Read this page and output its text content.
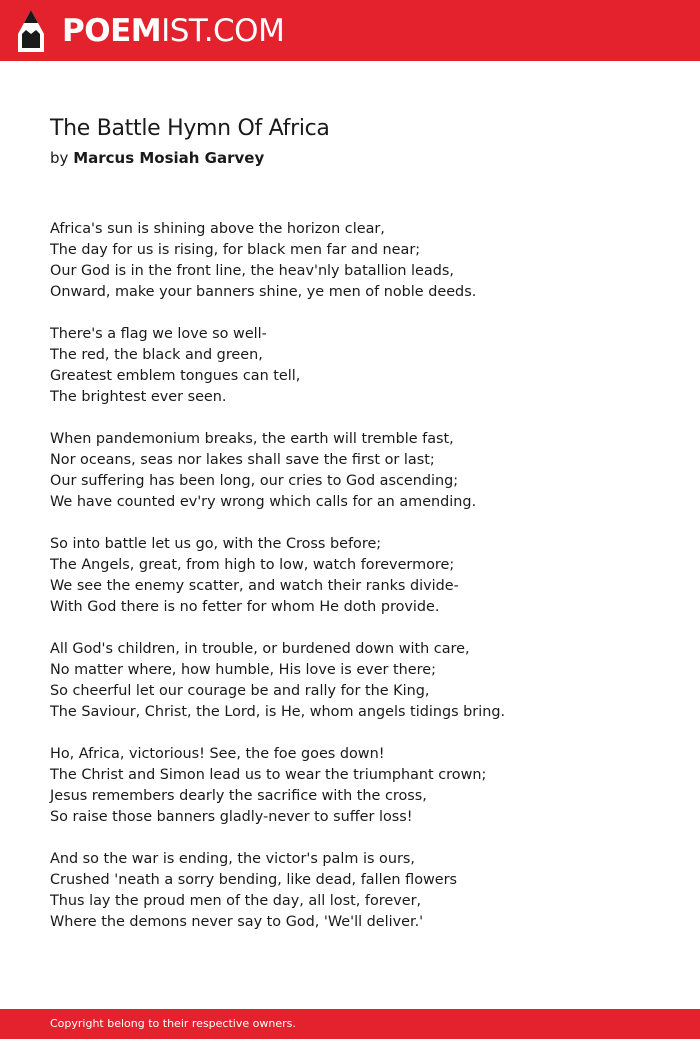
POEMIST.COM
The Battle Hymn Of Africa
by Marcus Mosiah Garvey
Africa's sun is shining above the horizon clear,
The day for us is rising, for black men far and near;
Our God is in the front line, the heav'nly batallion leads,
Onward, make your banners shine, ye men of noble deeds.
There's a flag we love so well-
The red, the black and green,
Greatest emblem tongues can tell,
The brightest ever seen.
When pandemonium breaks, the earth will tremble fast,
Nor oceans, seas nor lakes shall save the first or last;
Our suffering has been long, our cries to God ascending;
We have counted ev'ry wrong which calls for an amending.
So into battle let us go, with the Cross before;
The Angels, great, from high to low, watch forevermore;
We see the enemy scatter, and watch their ranks divide-
With God there is no fetter for whom He doth provide.
All God's children, in trouble, or burdened down with care,
No matter where, how humble, His love is ever there;
So cheerful let our courage be and rally for the King,
The Saviour, Christ, the Lord, is He, whom angels tidings bring.
Ho, Africa, victorious! See, the foe goes down!
The Christ and Simon lead us to wear the triumphant crown;
Jesus remembers dearly the sacrifice with the cross,
So raise those banners gladly-never to suffer loss!
And so the war is ending, the victor's palm is ours,
Crushed 'neath a sorry bending, like dead, fallen flowers
Thus lay the proud men of the day, all lost, forever,
Where the demons never say to God, 'We'll deliver.'
Copyright belong to their respective owners.
